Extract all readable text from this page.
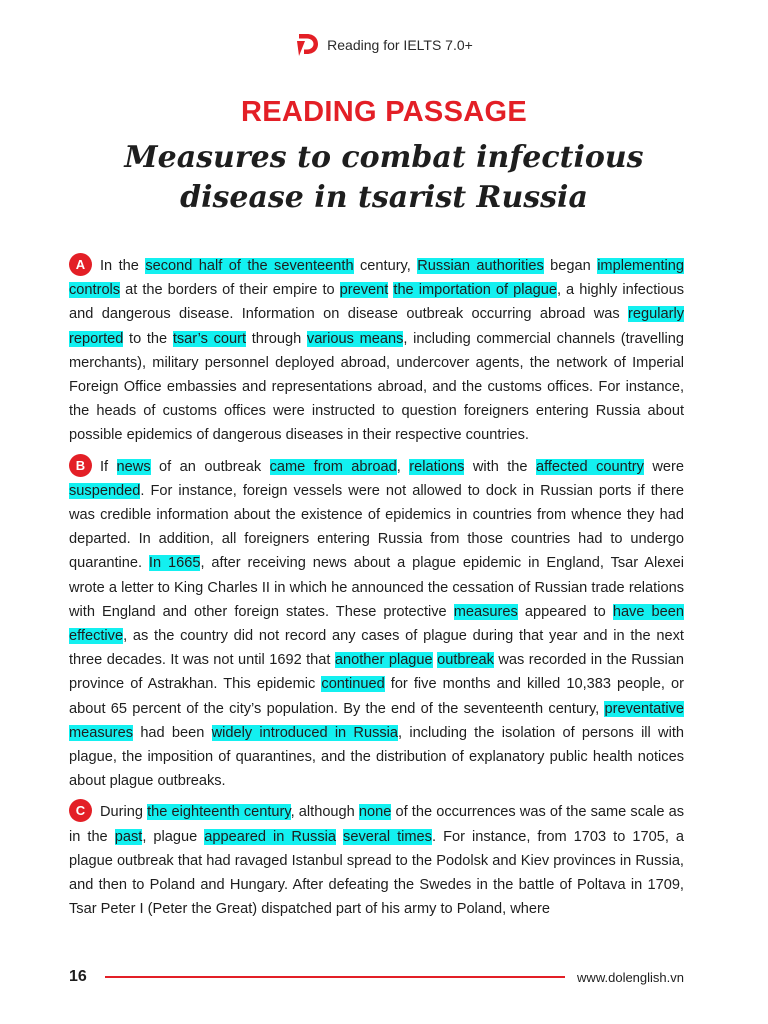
Reading for IELTS 7.0+
READING PASSAGE
Measures to combat infectious
disease in tsarist Russia

A In the second half of the seventeenth century, Russian authorities began implementing controls at the borders of their empire to prevent the importation of plague, a highly infectious and dangerous disease. Information on disease outbreak occurring abroad was regularly reported to the tsar’s court through various means, including commercial channels (travelling merchants), military personnel deployed abroad, undercover agents, the network of Imperial Foreign Office embassies and representations abroad, and the customs offices. For instance, the heads of customs offices were instructed to question foreigners entering Russia about possible epidemics of dangerous diseases in their respective countries.

B If news of an outbreak came from abroad, relations with the affected country were suspended. For instance, foreign vessels were not allowed to dock in Russian ports if there was credible information about the existence of epidemics in countries from whence they had departed. In addition, all foreigners entering Russia from those countries had to undergo quarantine. In 1665, after receiving news about a plague epidemic in England, Tsar Alexei wrote a letter to King Charles II in which he announced the cessation of Russian trade relations with England and other foreign states. These protective measures appeared to have been effective, as the country did not record any cases of plague during that year and in the next three decades. It was not until 1692 that another plague outbreak was recorded in the Russian province of Astrakhan. This epidemic continued for five months and killed 10,383 people, or about 65 percent of the city’s population. By the end of the seventeenth century, preventative measures had been widely introduced in Russia, including the isolation of persons ill with plague, the imposition of quarantines, and the distribution of explanatory public health notices about plague outbreaks.

C During the eighteenth century, although none of the occurrences was of the same scale as in the past, plague appeared in Russia several times. For instance, from 1703 to 1705, a plague outbreak that had ravaged Istanbul spread to the Podolsk and Kiev provinces in Russia, and then to Poland and Hungary. After defeating the Swedes in the battle of Poltava in 1709, Tsar Peter I (Peter the Great) dispatched part of his army to Poland, where

16	www.dolenglish.vn
